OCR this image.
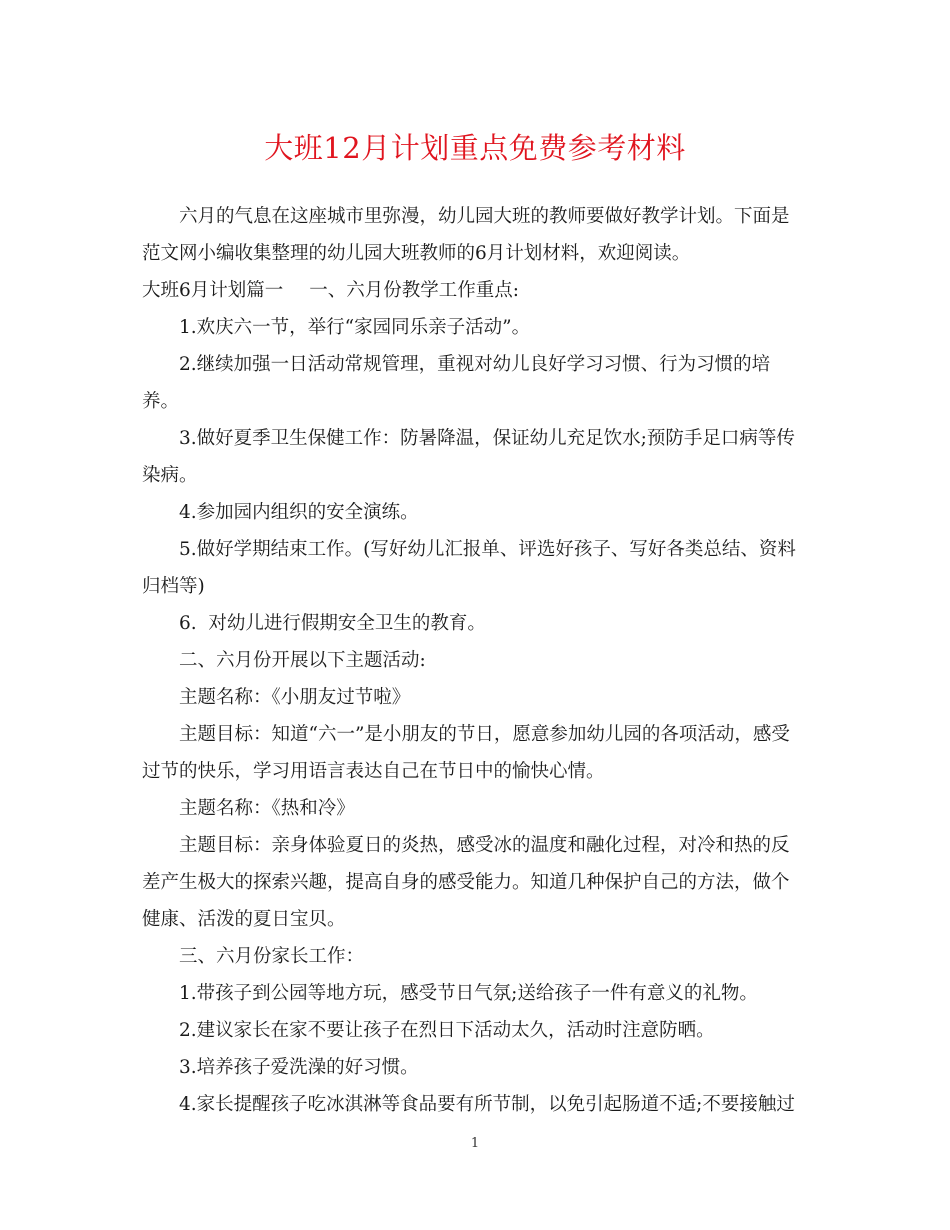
大班12月计划重点免费参考材料

六月的气息在这座城市里弥漫，幼儿园大班的教师要做好教学计划。下面是范文网小编收集整理的幼儿园大班教师的6月计划材料，欢迎阅读。

大班6月计划篇一 一、六月份教学工作重点:

1.欢庆六一节，举行“家园同乐亲子活动”。

2.继续加强一日活动常规管理，重视对幼儿良好学习习惯、行为习惯的培养。

3.做好夏季卫生保健工作：防暑降温，保证幼儿充足饮水;预防手足口病等传染病。

4.参加园内组织的安全演练。

5.做好学期结束工作。(写好幼儿汇报单、评选好孩子、写好各类总结、资料归档等)

6.  对幼儿进行假期安全卫生的教育。

二、六月份开展以下主题活动:

主题名称：《小朋友过节啦》

主题目标：知道“六一”是小朋友的节日，愿意参加幼儿园的各项活动，感受过节的快乐，学习用语言表达自己在节日中的愉快心情。

主题名称：《热和冷》

主题目标：亲身体验夏日的炎热，感受冰的温度和融化过程，对冷和热的反差产生极大的探索兴趣，提高自身的感受能力。知道几种保护自己的方法，做个健康、活泼的夏日宝贝。

三、六月份家长工作：

1.带孩子到公园等地方玩，感受节日气氛;送给孩子一件有意义的礼物。

2.建议家长在家不要让孩子在烈日下活动太久，活动时注意防晒。

3.培养孩子爱洗澡的好习惯。

4.家长提醒孩子吃冰淇淋等食品要有所节制，以免引起肠道不适;不要接触过

1
